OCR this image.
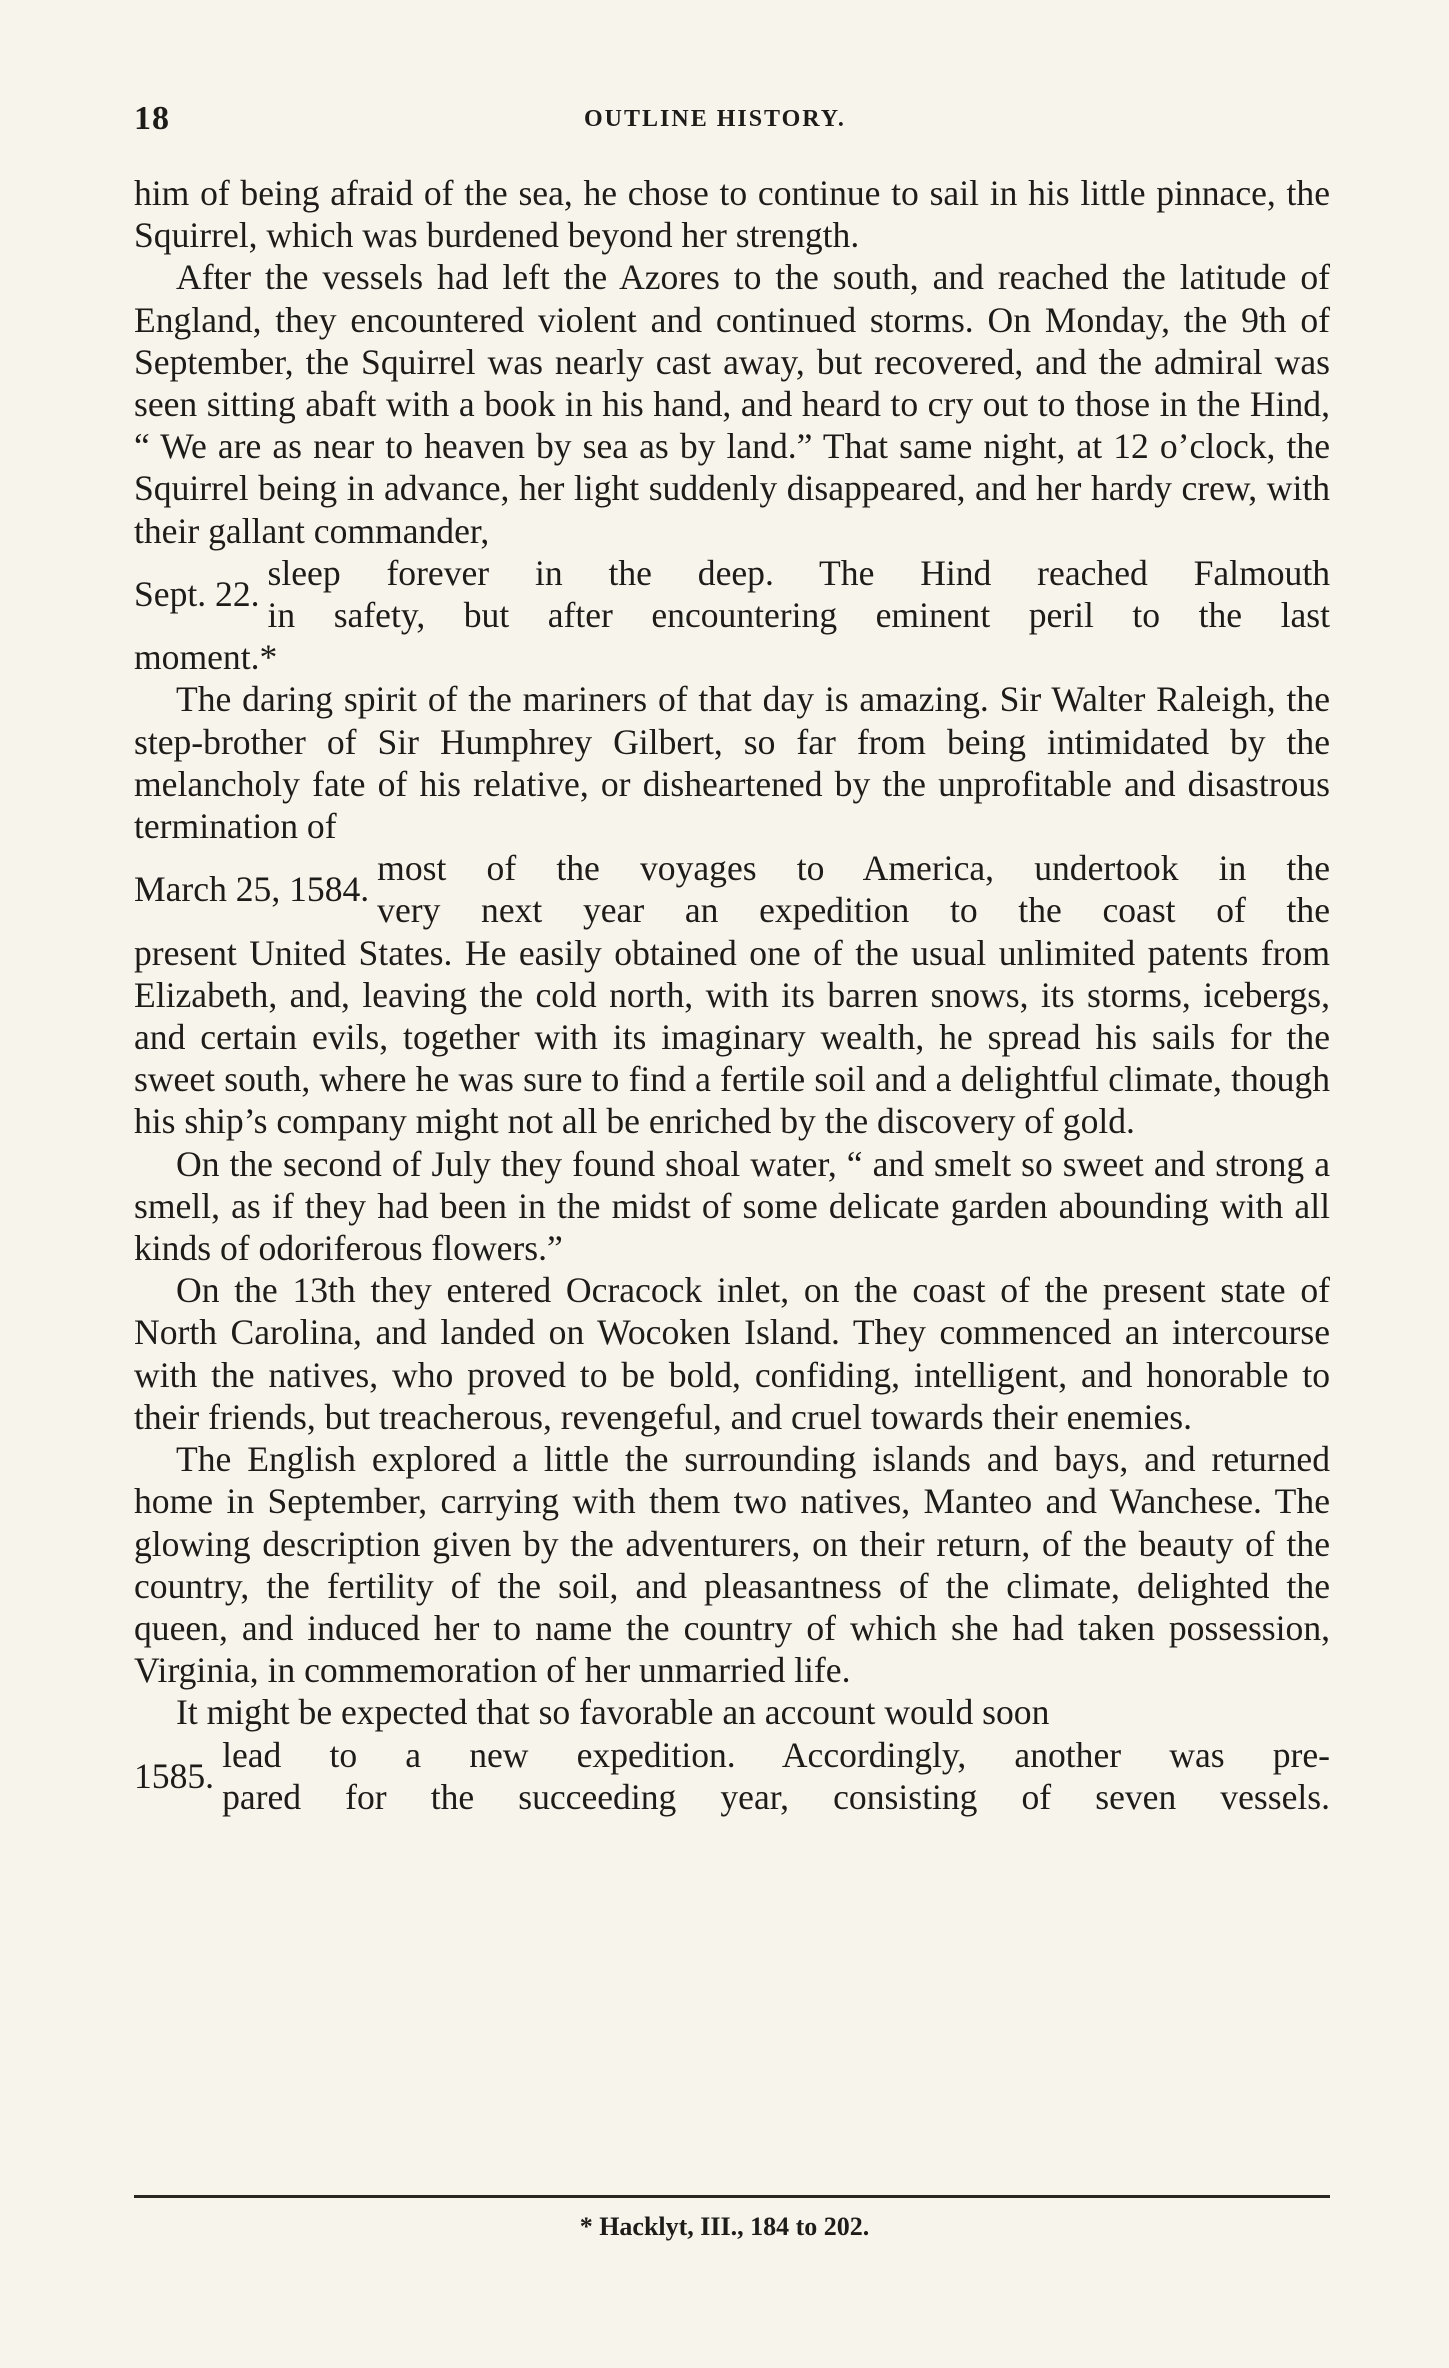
18	OUTLINE HISTORY.

him of being afraid of the sea, he chose to continue to sail in his little pinnace, the Squirrel, which was burdened beyond her strength.

After the vessels had left the Azores to the south, and reached the latitude of England, they encountered violent and continued storms. On Monday, the 9th of September, the Squirrel was nearly cast away, but recovered, and the admiral was seen sitting abaft with a book in his hand, and heard to cry out to those in the Hind, “ We are as near to heaven by sea as by land.” That same night, at 12 o’clock, the Squirrel being in advance, her light suddenly disappeared, and her hardy crew, with their gallant commander,

Sept. 22.
sleep forever in the deep. The Hind reached Falmouth
in safety, but after encountering eminent peril to the last

moment.*

The daring spirit of the mariners of that day is amazing. Sir Walter Raleigh, the step-brother of Sir Humphrey Gilbert, so far from being intimidated by the melancholy fate of his relative, or disheartened by the unprofitable and disastrous termination of

March 25, 1584.
most of the voyages to America, undertook in the
very next year an expedition to the coast of the

present United States. He easily obtained one of the usual unlimited patents from Elizabeth, and, leaving the cold north, with its barren snows, its storms, icebergs, and certain evils, together with its imaginary wealth, he spread his sails for the sweet south, where he was sure to find a fertile soil and a delightful climate, though his ship’s company might not all be enriched by the discovery of gold.

On the second of July they found shoal water, “ and smelt so sweet and strong a smell, as if they had been in the midst of some delicate garden abounding with all kinds of odoriferous flowers.”

On the 13th they entered Ocracock inlet, on the coast of the present state of North Carolina, and landed on Wocoken Island. They commenced an intercourse with the natives, who proved to be bold, confiding, intelligent, and honorable to their friends, but treacherous, revengeful, and cruel towards their enemies.

The English explored a little the surrounding islands and bays, and returned home in September, carrying with them two natives, Manteo and Wanchese. The glowing description given by the adventurers, on their return, of the beauty of the country, the fertility of the soil, and pleasantness of the climate, delighted the queen, and induced her to name the country of which she had taken possession, Virginia, in commemoration of her unmarried life.

It might be expected that so favorable an account would soon

1585.
lead to a new expedition. Accordingly, another was pre-
pared for the succeeding year, consisting of seven vessels.
* Hacklyt, III., 184 to 202.
